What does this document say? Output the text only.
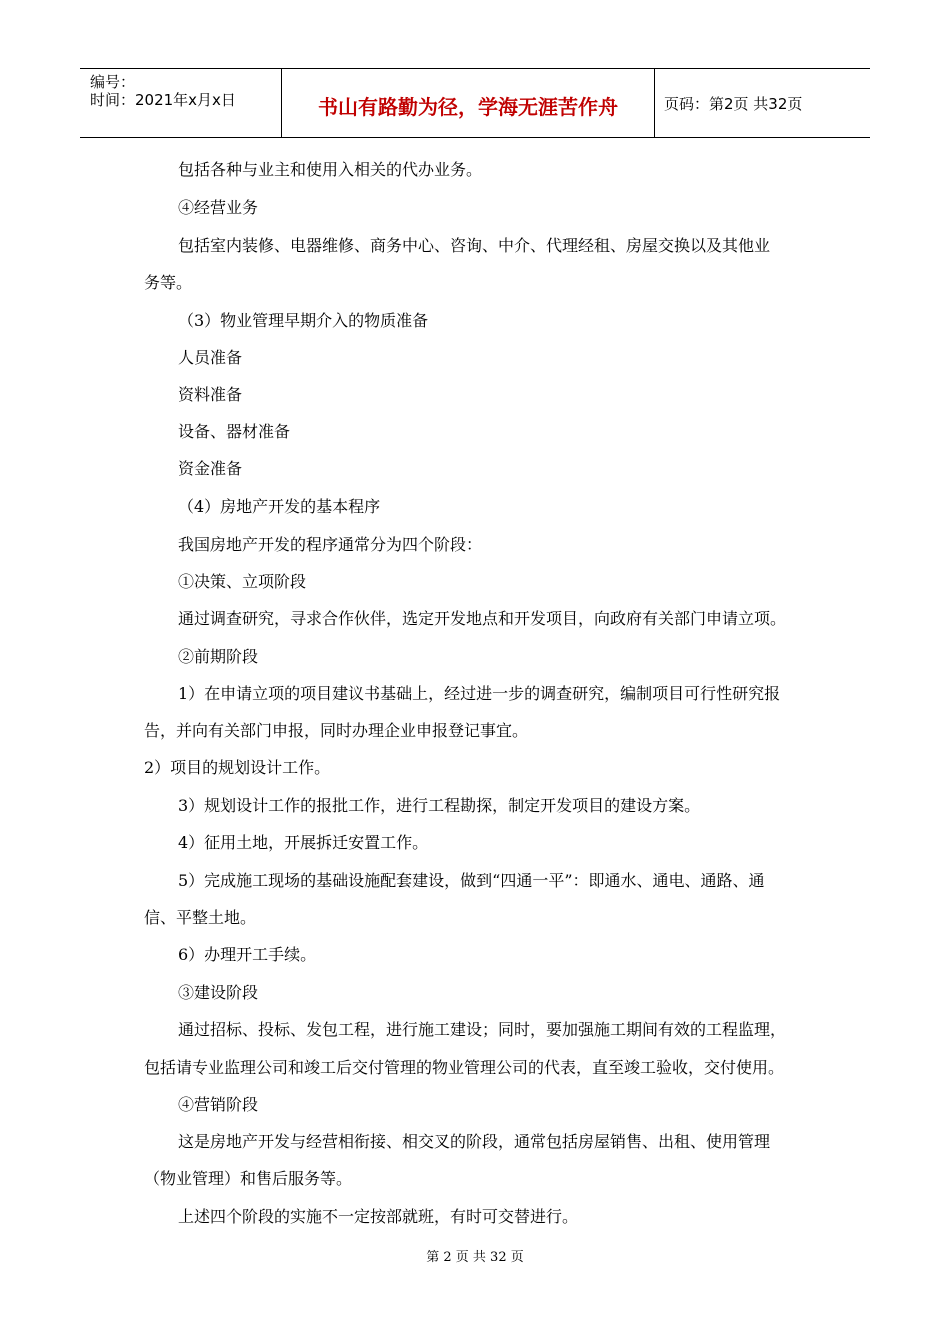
编号：
时间：2021年x月x日	书山有路勤为径，学海无涯苦作舟	页码：第2页 共32页
包括各种与业主和使用入相关的代办业务。
④经营业务
包括室内装修、电器维修、商务中心、咨询、中介、代理经租、房屋交换以及其他业
务等。
（3）物业管理早期介入的物质准备
人员准备
资料准备
设备、器材准备
资金准备
（4）房地产开发的基本程序
我国房地产开发的程序通常分为四个阶段：
①决策、立项阶段
通过调查研究，寻求合作伙伴，选定开发地点和开发项目，向政府有关部门申请立项。
②前期阶段
1）在申请立项的项目建议书基础上，经过进一步的调查研究，编制项目可行性研究报
告，并向有关部门申报，同时办理企业申报登记事宜。
2）项目的规划设计工作。
3）规划设计工作的报批工作，进行工程勘探，制定开发项目的建设方案。
4）征用土地，开展拆迁安置工作。
5）完成施工现场的基础设施配套建设，做到“四通一平”：即通水、通电、通路、通
信、平整土地。
6）办理开工手续。
③建设阶段
通过招标、投标、发包工程，进行施工建设；同时，要加强施工期间有效的工程监理，
包括请专业监理公司和竣工后交付管理的物业管理公司的代表，直至竣工验收，交付使用。
④营销阶段
这是房地产开发与经营相衔接、相交叉的阶段，通常包括房屋销售、出租、使用管理
（物业管理）和售后服务等。
上述四个阶段的实施不一定按部就班，有时可交替进行。
第 2 页 共 32 页
